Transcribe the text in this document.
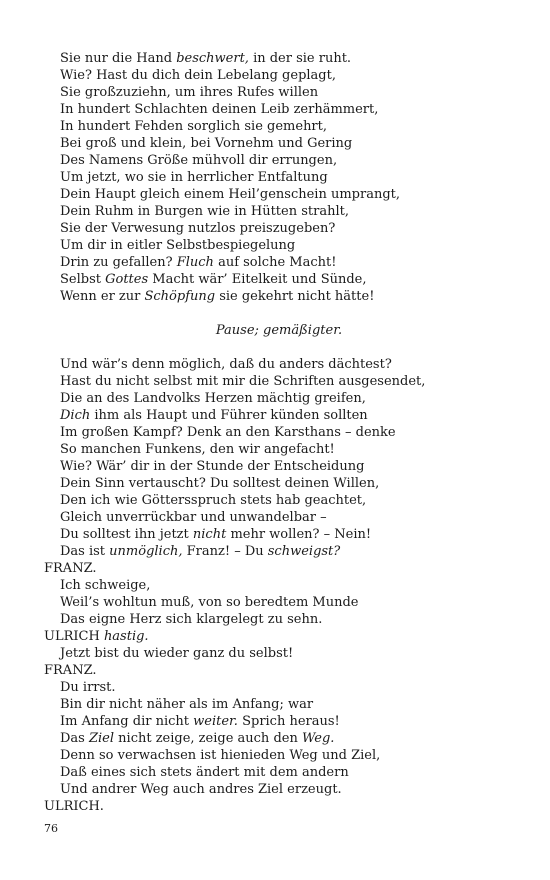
Sie nur die Hand beschwert, in der sie ruht.
Wie? Hast du dich dein Lebelang geplagt,
Sie großzuziehn, um ihres Rufes willen
In hundert Schlachten deinen Leib zerhämmert,
In hundert Fehden sorglich sie gemehrt,
Bei groß und klein, bei Vornehm und Gering
Des Namens Größe mühvoll dir errungen,
Um jetzt, wo sie in herrlicher Entfaltung
Dein Haupt gleich einem Heil’genschein umprangt,
Dein Ruhm in Burgen wie in Hütten strahlt,
Sie der Verwesung nutzlos preiszugeben?
Um dir in eitler Selbstbespiegelung
Drin zu gefallen? Fluch auf solche Macht!
Selbst Gottes Macht wär’ Eitelkeit und Sünde,
Wenn er zur Schöpfung sie gekehrt nicht hätte!
Pause; gemäßigter.
Und wär’s denn möglich, daß du anders dächtest?
Hast du nicht selbst mit mir die Schriften ausgesendet,
Die an des Landvolks Herzen mächtig greifen,
Dich ihm als Haupt und Führer künden sollten
Im großen Kampf? Denk an den Karsthans – denke
So manchen Funkens, den wir angefacht!
Wie? Wär’ dir in der Stunde der Entscheidung
Dein Sinn vertauscht? Du solltest deinen Willen,
Den ich wie Göttersspruch stets hab geachtet,
Gleich unverrückbar und unwandelbar –
Du solltest ihn jetzt nicht mehr wollen? – Nein!
Das ist unmöglich, Franz! – Du schweigst?
FRANZ.
Ich schweige,
Weil’s wohltun muß, von so beredtem Munde
Das eigne Herz sich klargelegt zu sehn.
ULRICH hastig.
Jetzt bist du wieder ganz du selbst!
FRANZ.
Du irrst.
Bin dir nicht näher als im Anfang; war
Im Anfang dir nicht weiter. Sprich heraus!
Das Ziel nicht zeige, zeige auch den Weg.
Denn so verwachsen ist hienieden Weg und Ziel,
Daß eines sich stets ändert mit dem andern
Und andrer Weg auch andres Ziel erzeugt.
ULRICH.
76
